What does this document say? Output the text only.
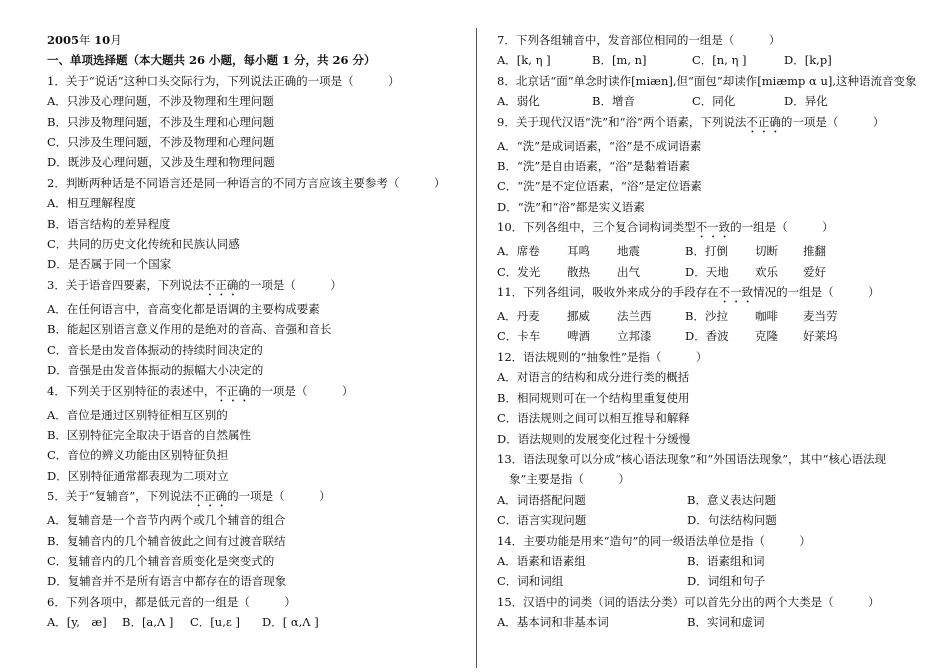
2005年 10月
一、单项选择题（本大题共 26 小题，每小题 1 分，共 26 分）
1．关于“说话”这种口头交际行为，下列说法正确的一项是（　　　）
A．只涉及心理问题，不涉及物理和生理问题
B．只涉及物理问题，不涉及生理和心理问题
C．只涉及生理问题，不涉及物理和心理问题
D．既涉及心理问题，又涉及生理和物理问题
2．判断两种话是不同语言还是同一种语言的不同方言应该主要参考（　　　）
A．相互理解程度
B．语言结构的差异程度
C．共同的历史文化传统和民族认同感
D．是否属于同一个国家
3．关于语音四要素，下列说法不正确的一项是（　　　）
A．在任何语言中，音高变化都是语调的主要构成要素
B．能起区别语言意义作用的是绝对的音高、音强和音长
C．音长是由发音体振动的持续时间决定的
D．音强是由发音体振动的振幅大小决定的
4．下列关于区别特征的表述中，不正确的一项是（　　　）
A．音位是通过区别特征相互区别的
B．区别特征完全取决于语音的自然属性
C．音位的辨义功能由区别特征负担
D．区别特征通常都表现为二项对立
5．关于“复辅音”，下列说法不正确的一项是（　　　）
A．复辅音是一个音节内两个或几个辅音的组合
B．复辅音内的几个辅音彼此之间有过渡音联结
C．复辅音内的几个辅音音质变化是突变式的
D．复辅音并不是所有语言中都存在的语音现象
6．下列各项中，都是低元音的一组是（　　　）
A．[y,　æ]	B．[a,Λ ]	C．[u,ε ]	D．[ α,Λ ]
7．下列各组辅音中，发音部位相同的一组是（　　　）
A．[k, η ]	B．[m, n]	C．[n, η ]	D．[k,p]
8．北京话“面”单念时读作[miæn],但“面包”却读作[miæmp α u],这种语流音变象
A．弱化	B．增音	C．同化	D．异化
9．关于现代汉语“洗”和“浴”两个语素，下列说法不正确的一项是（　　　）
A．“洗”是成词语素，“浴”是不成词语素
B．“洗”是自由语素，“浴”是黏着语素
C．“洗”是不定位语素，“浴”是定位语素
D．“洗”和“浴”都是实义语素
10．下列各组中，三个复合词构词类型不一致的一组是（　　　）
A．席卷	耳鸣	地震	B．打倒	切断	推翻
C．发光	散热	出气	D．天地	欢乐	爱好
11．下列各组词，吸收外来成分的手段存在不一致情况的一组是（　　　）
A．丹麦	挪威	法兰西	B．沙拉	咖啡	麦当劳
C．卡车	啤酒	立邦漆	D．香波	克隆	好莱坞
12．语法规则的“抽象性”是指（　　　）
A．对语言的结构和成分进行类的概括
B．相同规则可在一个结构里重复使用
C．语法规则之间可以相互推导和解释
D．语法规则的发展变化过程十分缓慢
13．语法现象可以分成“核心语法现象”和“外国语法现象”，其中“核心语法现
象”主要是指（　　　）
A．词语搭配问题	B．意义表达问题
C．语言实现问题	D．句法结构问题
14．主要功能是用来“造句”的同一级语法单位是指（　　　）
A．语素和语素组	B．语素组和词
C．词和词组	D．词组和句子
15．汉语中的词类（词的语法分类）可以首先分出的两个大类是（　　　）
A．基本词和非基本词	B．实词和虚词
